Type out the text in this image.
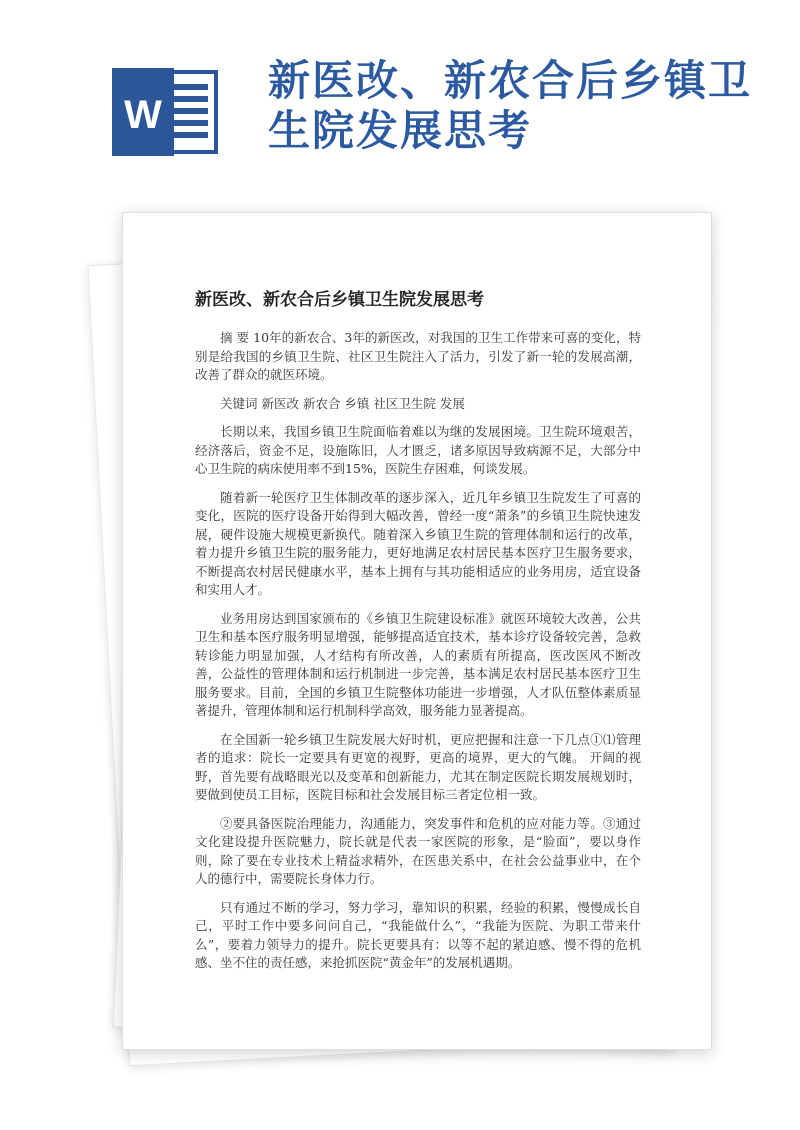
W
新医改、新农合后乡镇卫生院发展思考
新医改、新农合后乡镇卫生院发展思考

摘 要 10年的新农合、3年的新医改，对我国的卫生工作带来可喜的变化，特别是给我国的乡镇卫生院、社区卫生院注入了活力，引发了新一轮的发展高潮，改善了群众的就医环境。

关键词 新医改 新农合 乡镇 社区卫生院 发展

长期以来，我国乡镇卫生院面临着难以为继的发展困境。卫生院环境艰苦，经济落后，资金不足，设施陈旧，人才匮乏，诸多原因导致病源不足，大部分中心卫生院的病床使用率不到15%，医院生存困难，何谈发展。

随着新一轮医疗卫生体制改革的逐步深入，近几年乡镇卫生院发生了可喜的变化，医院的医疗设备开始得到大幅改善，曾经一度“萧条”的乡镇卫生院快速发展，硬件设施大规模更新换代。随着深入乡镇卫生院的管理体制和运行的改革，着力提升乡镇卫生院的服务能力，更好地满足农村居民基本医疗卫生服务要求，不断提高农村居民健康水平，基本上拥有与其功能相适应的业务用房，适宜设备和实用人才。

业务用房达到国家颁布的《乡镇卫生院建设标准》就医环境较大改善，公共卫生和基本医疗服务明显增强，能够提高适宜技术，基本诊疗设备较完善，急救转诊能力明显加强，人才结构有所改善，人的素质有所提高，医改医风不断改善，公益性的管理体制和运行机制进一步完善，基本满足农村居民基本医疗卫生服务要求。目前，全国的乡镇卫生院整体功能进一步增强，人才队伍整体素质显著提升，管理体制和运行机制科学高效，服务能力显著提高。

在全国新一轮乡镇卫生院发展大好时机，更应把握和注意一下几点①⑴管理者的追求：院长一定要具有更宽的视野，更高的境界，更大的气魄。 开阔的视野，首先要有战略眼光以及变革和创新能力，尤其在制定医院长期发展规划时，要做到使员工目标，医院目标和社会发展目标三者定位相一致。

②要具备医院治理能力，沟通能力，突发事件和危机的应对能力等。③通过文化建设提升医院魅力，院长就是代表一家医院的形象，是“脸面”，要以身作则，除了要在专业技术上精益求精外，在医患关系中，在社会公益事业中，在个人的德行中，需要院长身体力行。

只有通过不断的学习，努力学习，靠知识的积累，经验的积累，慢慢成长自己，平时工作中要多问问自己，“我能做什么”，“我能为医院、为职工带来什么”，要着力领导力的提升。院长更要具有：以等不起的紧迫感、慢不得的危机感、坐不住的责任感，来抢抓医院“黄金年”的发展机遇期。
